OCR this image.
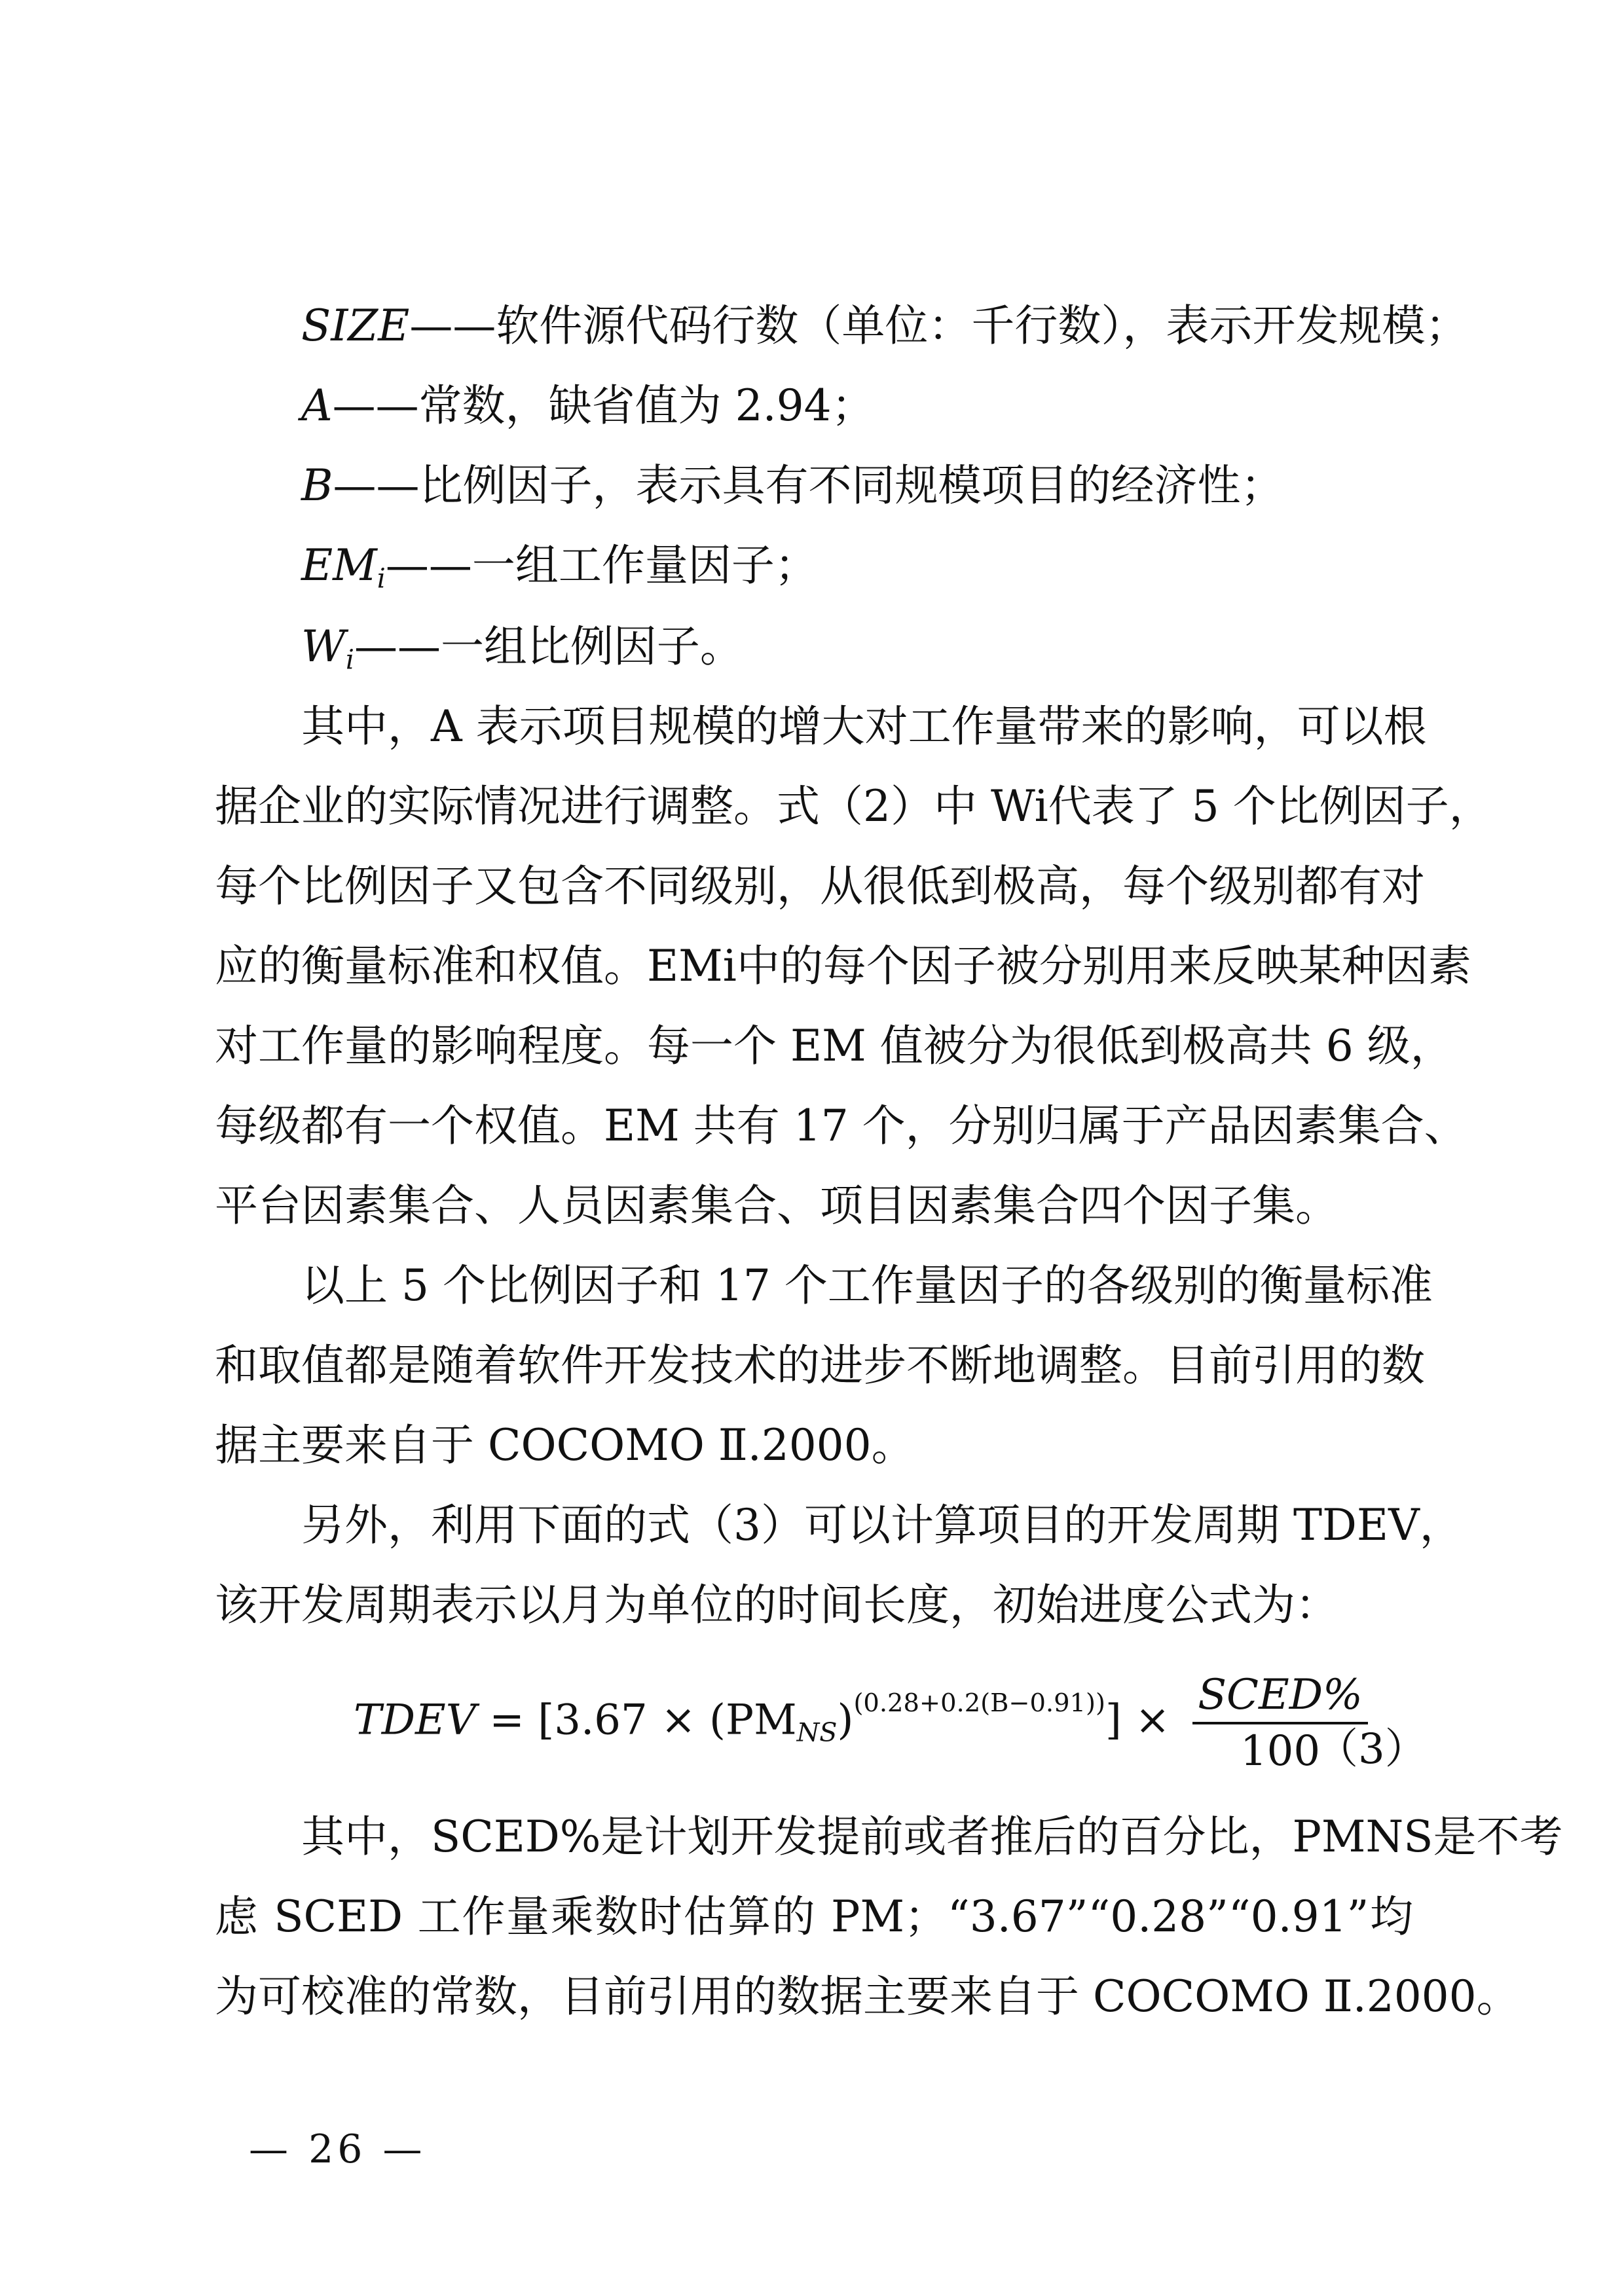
SIZE——软件源代码行数（单位：千行数），表示开发规模；
A——常数，缺省值为 2.94；
B——比例因子，表示具有不同规模项目的经济性；
$EM_i——$一组工作量因子；
$W_i——$一组比例因子。
其中，A 表示项目规模的增大对工作量带来的影响，可以根
据企业的实际情况进行调整。式（2）中 Wi代表了 5 个比例因子，
每个比例因子又包含不同级别，从很低到极高，每个级别都有对
应的衡量标准和权值。EMi中的每个因子被分别用来反映某种因素
对工作量的影响程度。每一个 EM 值被分为很低到极高共 6 级，
每级都有一个权值。EM 共有 17 个，分别归属于产品因素集合、
平台因素集合、人员因素集合、项目因素集合四个因子集。
以上 5 个比例因子和 17 个工作量因子的各级别的衡量标准
和取值都是随着软件开发技术的进步不断地调整。目前引用的数
据主要来自于 COCOMO Ⅱ.2000。
另外，利用下面的式（3）可以计算项目的开发周期 TDEV，
该开发周期表示以月为单位的时间长度，初始进度公式为：
TDEV = $[3.67 \times (PM_{NS})^{(0.28+0.2(B-0.91))}] \times \frac{\text{SCED\%}}{100}$
（3）
其中，SCED%是计划开发提前或者推后的百分比，PMNS是不考
虑 SCED 工作量乘数时估算的 PM；“3.67”“0.28”“0.91”均
为可校准的常数，目前引用的数据主要来自于 COCOMO Ⅱ.2000。
— 26 —
